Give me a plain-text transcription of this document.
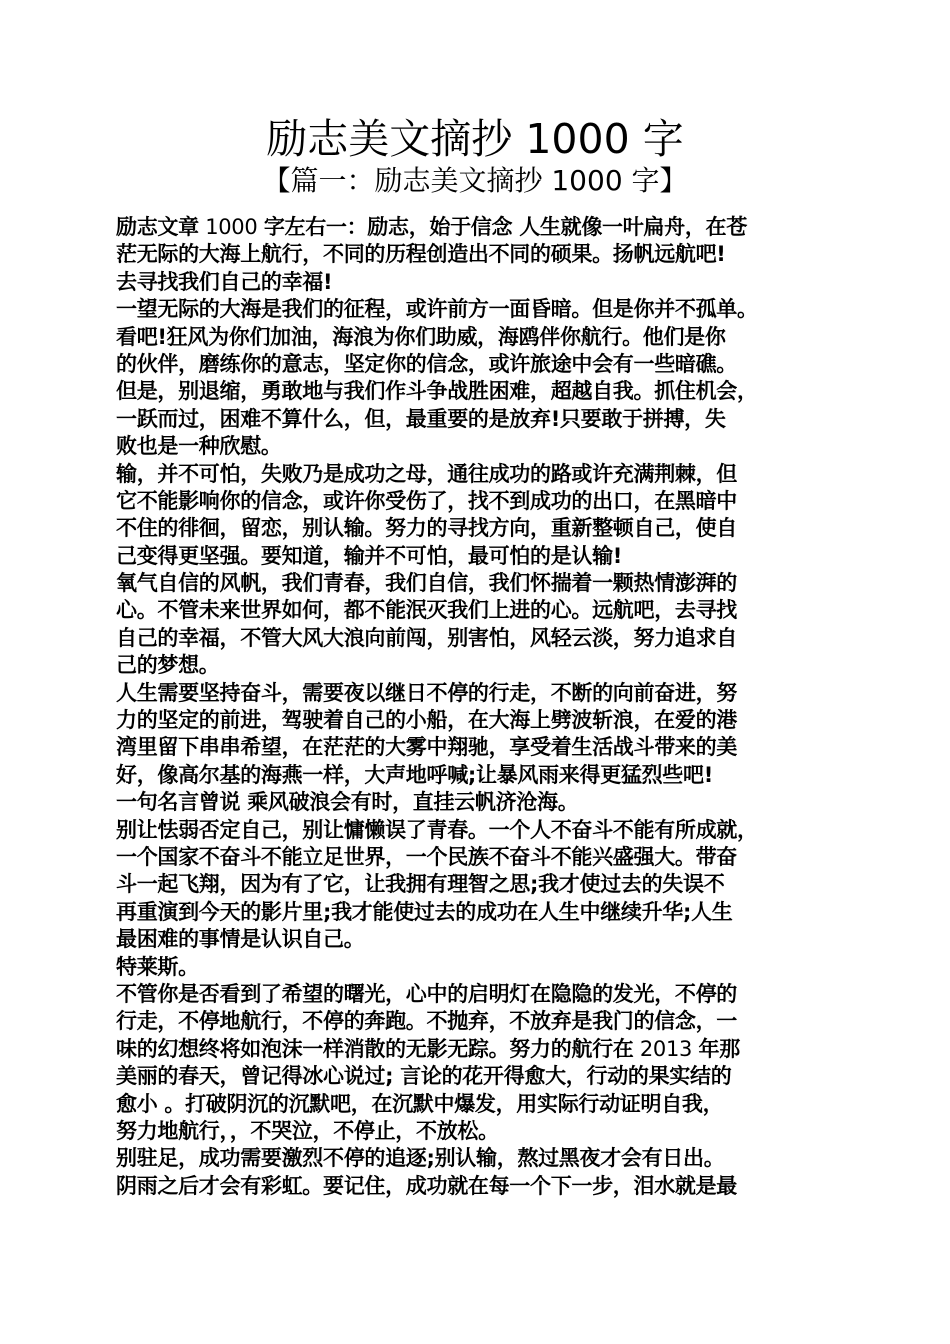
励志美文摘抄 1000 字
【篇一：励志美文摘抄 1000 字】
励志文章 1000 字左右一：励志，始于信念 人生就像一叶扁舟，在苍
茫无际的大海上航行，不同的历程创造出不同的硕果。扬帆远航吧!
去寻找我们自己的幸福!
一望无际的大海是我们的征程，或许前方一面昏暗。但是你并不孤单。
看吧!狂风为你们加油，海浪为你们助威，海鸥伴你航行。他们是你
的伙伴，磨练你的意志，坚定你的信念，或许旅途中会有一些暗礁。
但是，别退缩，勇敢地与我们作斗争战胜困难，超越自我。抓住机会，
一跃而过，困难不算什么，但，最重要的是放弃!只要敢于拼搏，失
败也是一种欣慰。
输，并不可怕，失败乃是成功之母，通往成功的路或许充满荆棘，但
它不能影响你的信念，或许你受伤了，找不到成功的出口，在黑暗中
不住的徘徊，留恋，别认输。努力的寻找方向，重新整顿自己，使自
己变得更坚强。要知道，输并不可怕，最可怕的是认输!
氧气自信的风帆，我们青春，我们自信，我们怀揣着一颗热情澎湃的
心。不管未来世界如何，都不能泯灭我们上进的心。远航吧，去寻找
自己的幸福，不管大风大浪向前闯，别害怕，风轻云淡，努力追求自
己的梦想。
人生需要坚持奋斗，需要夜以继日不停的行走，不断的向前奋进，努
力的坚定的前进，驾驶着自己的小船，在大海上劈波斩浪，在爱的港
湾里留下串串希望，在茫茫的大雾中翔驰，享受着生活战斗带来的美
好，像高尔基的海燕一样，大声地呼喊;让暴风雨来得更猛烈些吧!
一句名言曾说 乘风破浪会有时，直挂云帆济沧海。
别让怯弱否定自己，别让慵懒误了青春。一个人不奋斗不能有所成就，
一个国家不奋斗不能立足世界，一个民族不奋斗不能兴盛强大。带奋
斗一起飞翔，因为有了它，让我拥有理智之思;我才使过去的失误不
再重演到今天的影片里;我才能使过去的成功在人生中继续升华;人生
最困难的事情是认识自己。
特莱斯。
不管你是否看到了希望的曙光，心中的启明灯在隐隐的发光，不停的
行走，不停地航行，不停的奔跑。不抛弃，不放弃是我门的信念，一
味的幻想终将如泡沫一样消散的无影无踪。努力的航行在 2013 年那
美丽的春天，曾记得冰心说过; 言论的花开得愈大，行动的果实结的
愈小 。打破阴沉的沉默吧，在沉默中爆发，用实际行动证明自我，
努力地航行，，不哭泣，不停止，不放松。
别驻足，成功需要激烈不停的追逐;别认输，熬过黑夜才会有日出。
阴雨之后才会有彩虹。要记住，成功就在每一个下一步，泪水就是最
